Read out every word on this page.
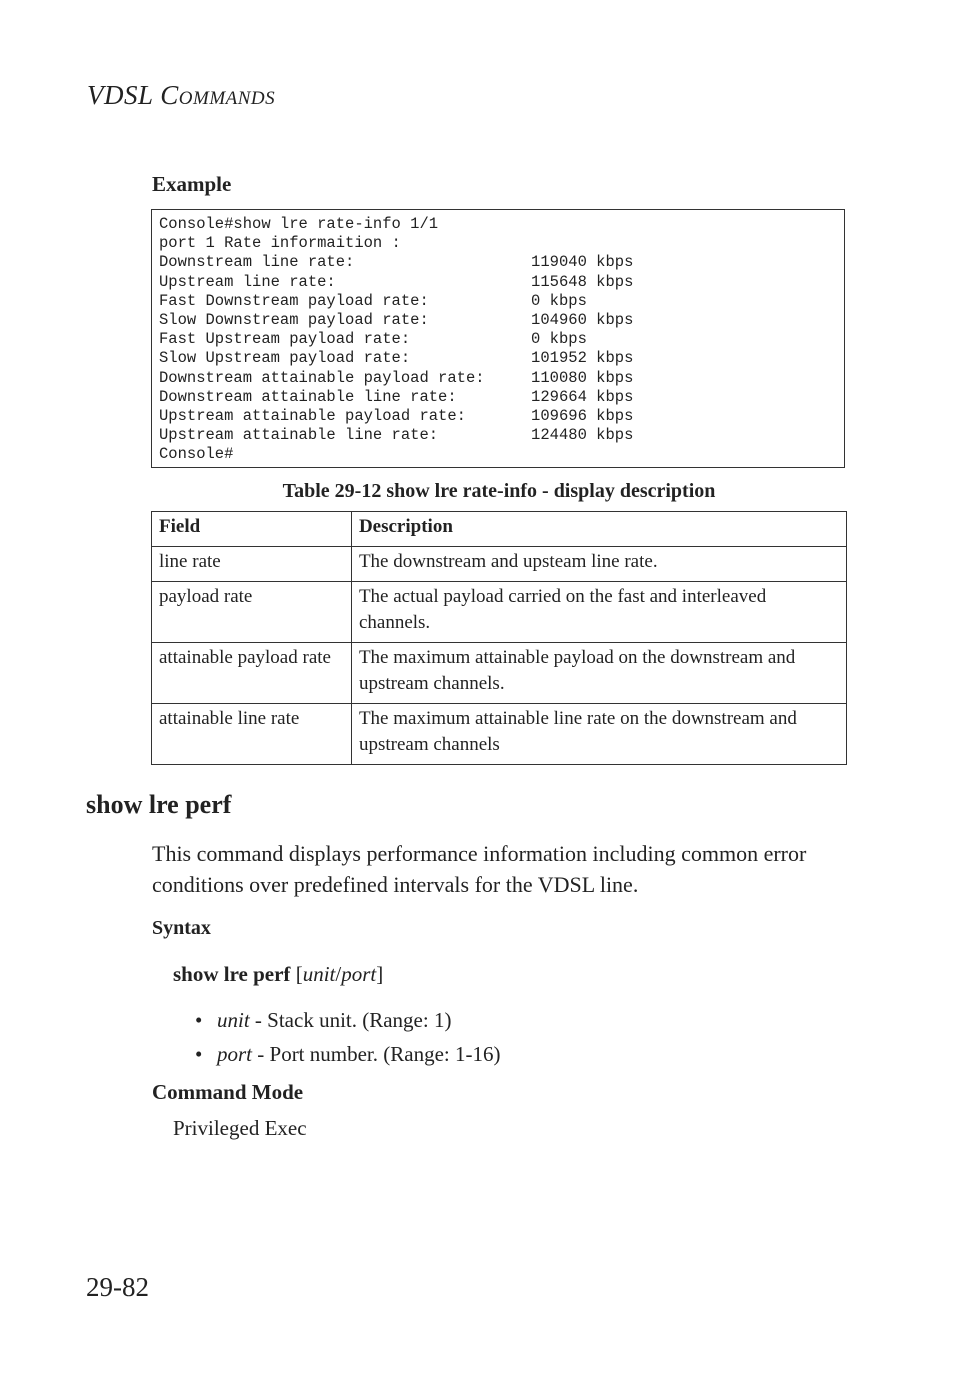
VDSL COMMANDS
Example
Console#show lre rate-info 1/1
port 1 Rate informaition :
Downstream line rate:                   119040 kbps
Upstream line rate:                     115648 kbps
Fast Downstream payload rate:           0 kbps
Slow Downstream payload rate:           104960 kbps
Fast Upstream payload rate:             0 kbps
Slow Upstream payload rate:             101952 kbps
Downstream attainable payload rate:     110080 kbps
Downstream attainable line rate:        129664 kbps
Upstream attainable payload rate:       109696 kbps
Upstream attainable line rate:          124480 kbps
Console#
Table 29-12 show lre rate-info - display description
Field	Description
line rate	The downstream and upsteam line rate.
payload rate	The actual payload carried on the fast and interleaved channels.
attainable payload rate	The maximum attainable payload on the downstream and upstream channels.
attainable line rate	The maximum attainable line rate on the downstream and upstream channels
show lre perf
This command displays performance information including common error conditions over predefined intervals for the VDSL line.
Syntax
show lre perf [unit/port]
• unit - Stack unit. (Range: 1)
• port - Port number. (Range: 1-16)
Command Mode
Privileged Exec
29-82
